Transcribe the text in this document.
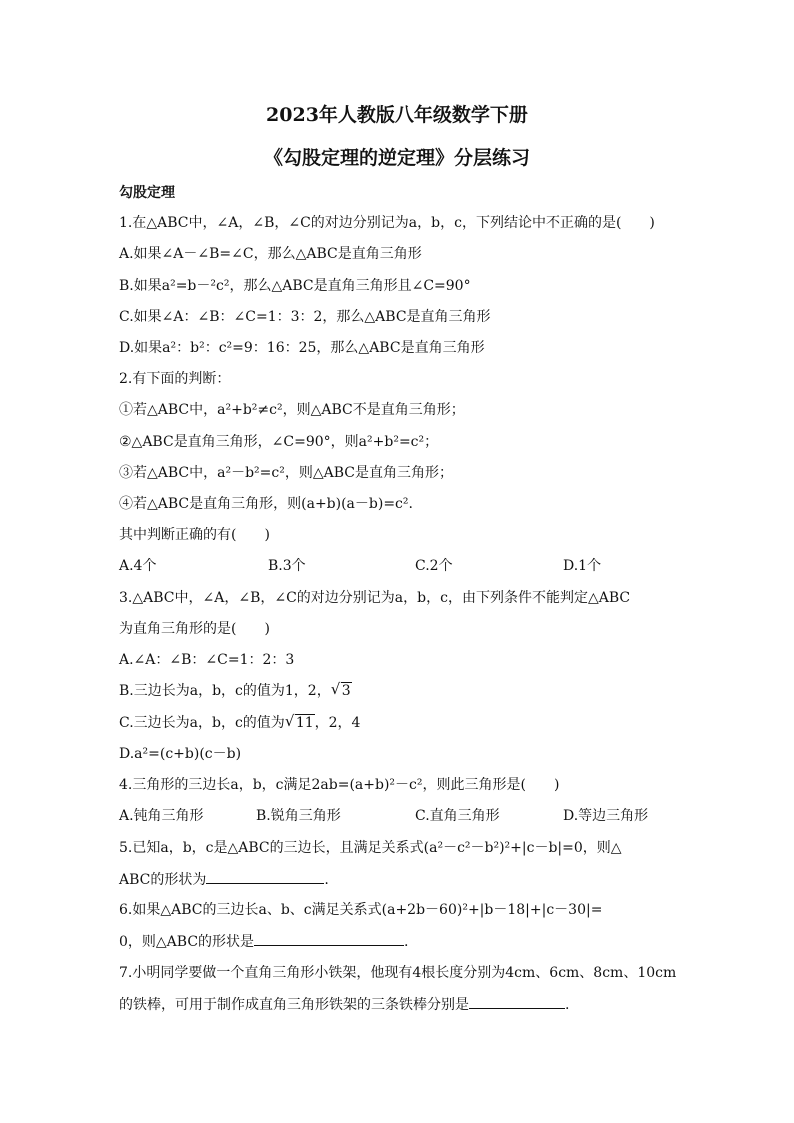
2023年人教版八年级数学下册
《勾股定理的逆定理》分层练习
勾股定理
1.在△ABC中，∠A，∠B，∠C的对边分别记为a，b，c，下列结论中不正确的是(　　)
A.如果∠A－∠B=∠C，那么△ABC是直角三角形
B.如果a²=b－²c²，那么△ABC是直角三角形且∠C=90°
C.如果∠A：∠B：∠C=1：3：2，那么△ABC是直角三角形
D.如果a²：b²：c²=9：16：25，那么△ABC是直角三角形
2.有下面的判断：
①若△ABC中，a²+b²≠c²，则△ABC不是直角三角形；
②△ABC是直角三角形，∠C=90°，则a²+b²=c²；
③若△ABC中，a²－b²=c²，则△ABC是直角三角形；
④若△ABC是直角三角形，则(a+b)(a－b)=c².
其中判断正确的有(　　)
A.4个	B.3个	C.2个	D.1个
3.△ABC中，∠A，∠B，∠C的对边分别记为a，b，c，由下列条件不能判定△ABC
为直角三角形的是(　　)
A.∠A：∠B：∠C=1：2：3
B.三边长为a，b，c的值为1，2， √ 3
C.三边长为a，b，c的值为 √ 11，2，4
D.a²=(c+b)(c－b)
4.三角形的三边长a，b，c满足2ab=(a+b)²－c²，则此三角形是(　　)
A.钝角三角形	B.锐角三角形	C.直角三角形	D.等边三角形
5.已知a，b，c是△ABC的三边长，且满足关系式(a²－c²－b²)²+|c－b|=0，则△
ABC的形状为	.
6.如果△ABC的三边长a、b、c满足关系式(a+2b－60)²+|b－18|+|c－30|=
0，则△ABC的形状是	.
7.小明同学要做一个直角三角形小铁架，他现有4根长度分别为4cm、6cm、8cm、10cm
的铁棒，可用于制作成直角三角形铁架的三条铁棒分别是	.
